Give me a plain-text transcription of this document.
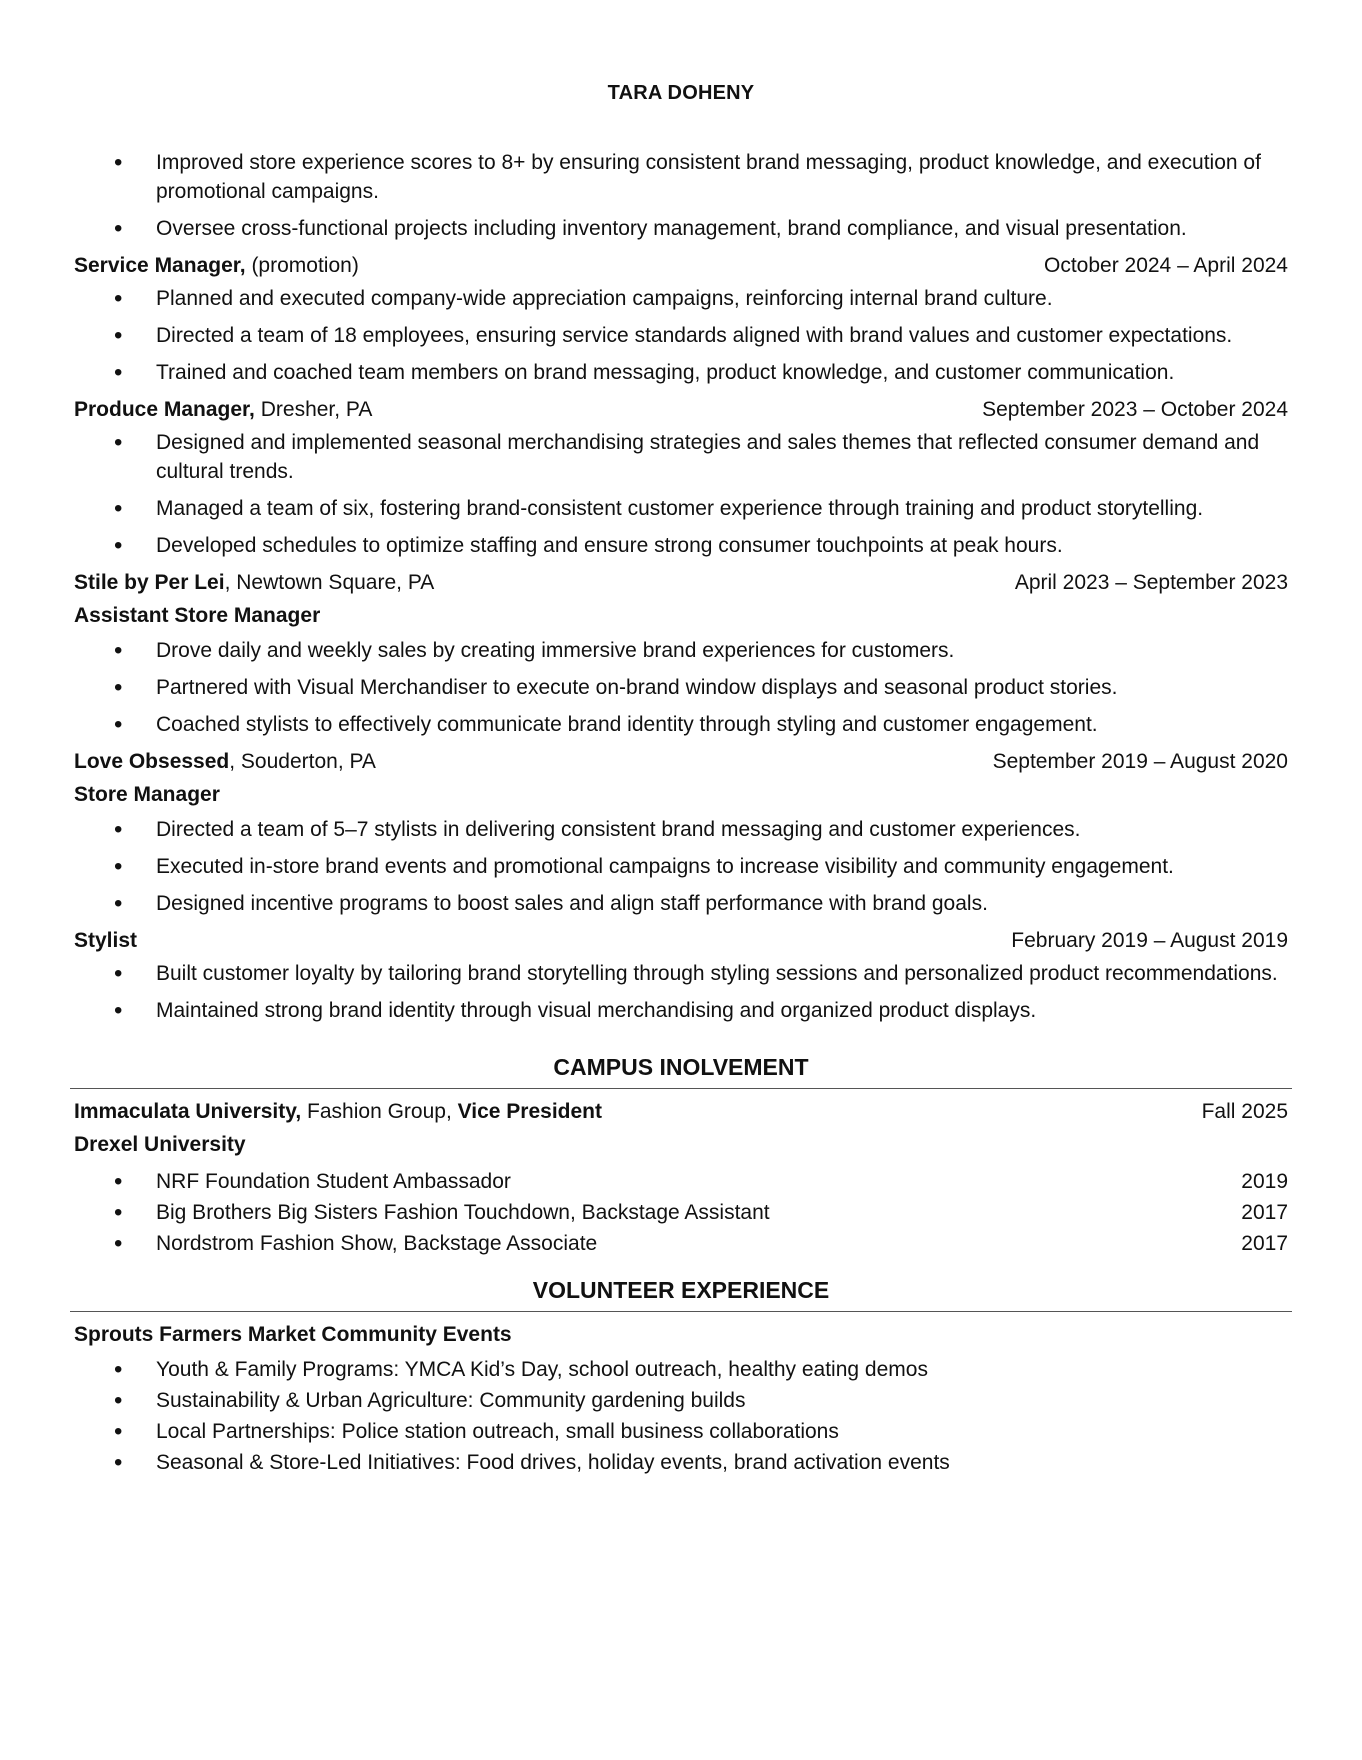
TARA DOHENY
• Improved store experience scores to 8+ by ensuring consistent brand messaging, product knowledge, and execution of promotional campaigns.
• Oversee cross-functional projects including inventory management, brand compliance, and visual presentation.
Service Manager, (promotion)	October 2024 – April 2024
• Planned and executed company-wide appreciation campaigns, reinforcing internal brand culture.
• Directed a team of 18 employees, ensuring service standards aligned with brand values and customer expectations.
• Trained and coached team members on brand messaging, product knowledge, and customer communication.
Produce Manager, Dresher, PA	September 2023 – October 2024
• Designed and implemented seasonal merchandising strategies and sales themes that reflected consumer demand and cultural trends.
• Managed a team of six, fostering brand-consistent customer experience through training and product storytelling.
• Developed schedules to optimize staffing and ensure strong consumer touchpoints at peak hours.
Stile by Per Lei, Newtown Square, PA	April 2023 – September 2023
Assistant Store Manager
• Drove daily and weekly sales by creating immersive brand experiences for customers.
• Partnered with Visual Merchandiser to execute on-brand window displays and seasonal product stories.
• Coached stylists to effectively communicate brand identity through styling and customer engagement.
Love Obsessed, Souderton, PA	September 2019 – August 2020
Store Manager
• Directed a team of 5–7 stylists in delivering consistent brand messaging and customer experiences.
• Executed in-store brand events and promotional campaigns to increase visibility and community engagement.
• Designed incentive programs to boost sales and align staff performance with brand goals.
Stylist	February 2019 – August 2019
• Built customer loyalty by tailoring brand storytelling through styling sessions and personalized product recommendations.
• Maintained strong brand identity through visual merchandising and organized product displays.
CAMPUS INOLVEMENT
Immaculata University, Fashion Group, Vice President	Fall 2025
Drexel University
• NRF Foundation Student Ambassador	2019
• Big Brothers Big Sisters Fashion Touchdown, Backstage Assistant	2017
• Nordstrom Fashion Show, Backstage Associate	2017
VOLUNTEER EXPERIENCE
Sprouts Farmers Market Community Events
• Youth & Family Programs: YMCA Kid’s Day, school outreach, healthy eating demos
• Sustainability & Urban Agriculture: Community gardening builds
• Local Partnerships: Police station outreach, small business collaborations
• Seasonal & Store-Led Initiatives: Food drives, holiday events, brand activation events
